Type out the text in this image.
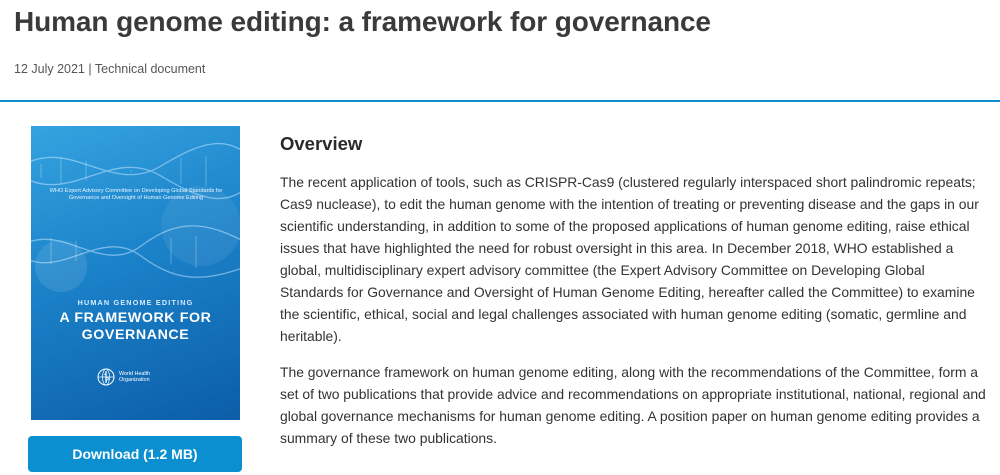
Human genome editing: a framework for governance
12 July 2021 | Technical document
WHO Expert Advisory Committee on Developing Global Standards for Governance and Oversight of Human Genome Editing
HUMAN GENOME EDITING
A FRAMEWORK FOR
GOVERNANCE
World Health
Organization
Download (1.2 MB)
Overview

The recent application of tools, such as CRISPR-Cas9 (clustered regularly interspaced short palindromic repeats; Cas9 nuclease), to edit the human genome with the intention of treating or preventing disease and the gaps in our scientific understanding, in addition to some of the proposed applications of human genome editing, raise ethical issues that have highlighted the need for robust oversight in this area. In December 2018, WHO established a global, multidisciplinary expert advisory committee (the Expert Advisory Committee on Developing Global Standards for Governance and Oversight of Human Genome Editing, hereafter called the Committee) to examine the scientific, ethical, social and legal challenges associated with human genome editing (somatic, germline and heritable).

The governance framework on human genome editing, along with the recommendations of the Committee, form a set of two publications that provide advice and recommendations on appropriate institutional, national, regional and global governance mechanisms for human genome editing. A position paper on human genome editing provides a summary of these two publications.
